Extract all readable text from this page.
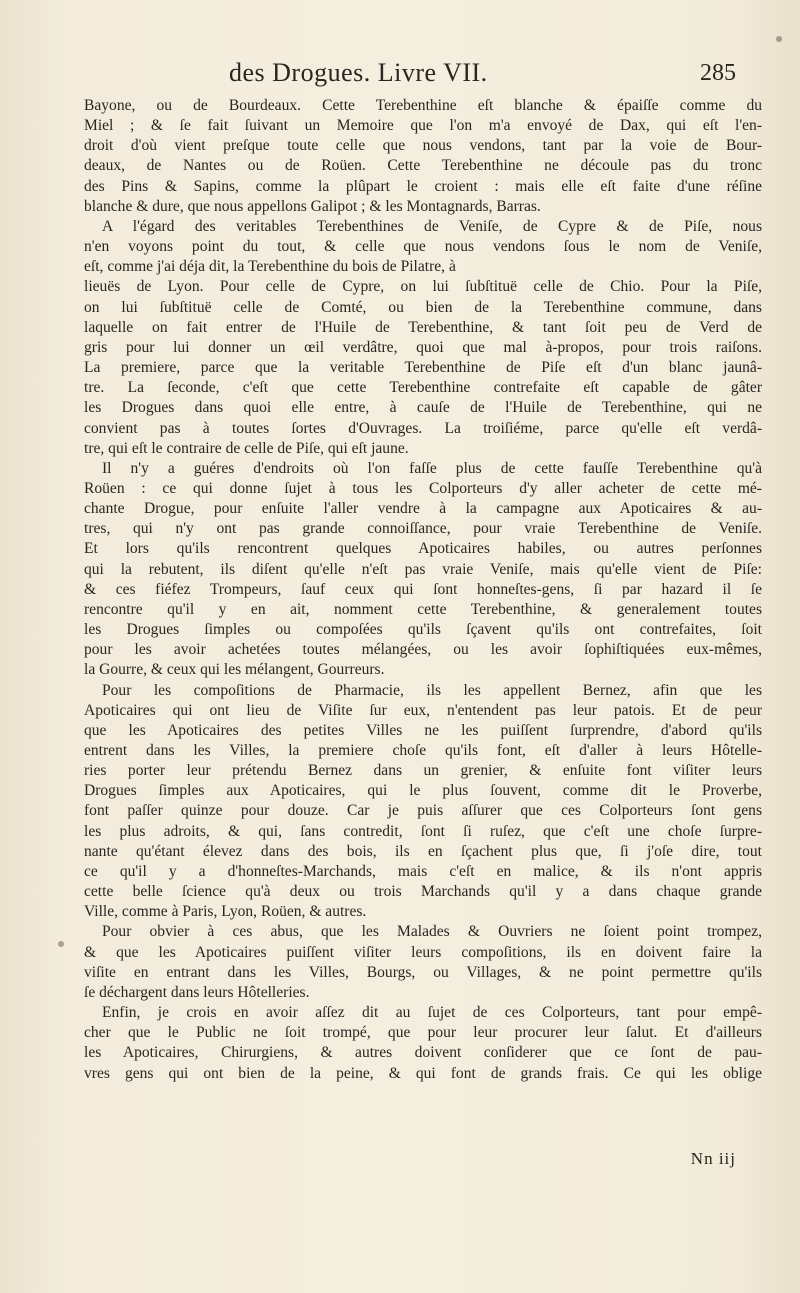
des Drogues. Livre VII.	285
Bayone, ou de Bourdeaux. Cette Terebenthine eſt blanche & épaiſſe comme du
Miel ; & ſe fait ſuivant un Memoire que l'on m'a envoyé de Dax, qui eſt l'en-
droit d'où vient preſque toute celle que nous vendons, tant par la voie de Bour-
deaux, de Nantes ou de Roüen. Cette Terebenthine ne découle pas du tronc
des Pins & Sapins, comme la plûpart le croient : mais elle eſt faite d'une réſine
blanche & dure, que nous appellons Galipot ; & les Montagnards, Barras.
A l'égard des veritables Terebenthines de Veniſe, de Cypre & de Piſe, nous
n'en voyons point du tout, & celle que nous vendons ſous le nom de Veniſe,
eſt, comme j'ai déja dit, la Terebenthine du bois de Pilatre, à
lieuës de Lyon. Pour celle de Cypre, on lui ſubſtituë celle de Chio. Pour la Piſe,
on lui ſubſtituë celle de Comté, ou bien de la Terebenthine commune, dans
laquelle on fait entrer de l'Huile de Terebenthine, & tant ſoit peu de Verd de
gris pour lui donner un œil verdâtre, quoi que mal à-propos, pour trois raiſons.
La premiere, parce que la veritable Terebenthine de Piſe eſt d'un blanc jaunâ-
tre. La ſeconde, c'eſt que cette Terebenthine contrefaite eſt capable de gâter
les Drogues dans quoi elle entre, à cauſe de l'Huile de Terebenthine, qui ne
convient pas à toutes ſortes d'Ouvrages. La troiſiéme, parce qu'elle eſt verdâ-
tre, qui eſt le contraire de celle de Piſe, qui eſt jaune.
Il n'y a guéres d'endroits où l'on faſſe plus de cette fauſſe Terebenthine qu'à
Roüen : ce qui donne ſujet à tous les Colporteurs d'y aller acheter de cette mé-
chante Drogue, pour enſuite l'aller vendre à la campagne aux Apoticaires & au-
tres, qui n'y ont pas grande connoiſſance, pour vraie Terebenthine de Veniſe.
Et lors qu'ils rencontrent quelques Apoticaires habiles, ou autres perſonnes
qui la rebutent, ils diſent qu'elle n'eſt pas vraie Veniſe, mais qu'elle vient de Piſe:
& ces fiéfez Trompeurs, ſauf ceux qui ſont honneſtes-gens, ſi par hazard il ſe
rencontre qu'il y en ait, nomment cette Terebenthine, & generalement toutes
les Drogues ſimples ou compoſées qu'ils ſçavent qu'ils ont contrefaites, ſoit
pour les avoir achetées toutes mélangées, ou les avoir ſophiſtiquées eux-mêmes,
la Gourre, & ceux qui les mélangent, Gourreurs.
Pour les compoſitions de Pharmacie, ils les appellent Bernez, afin que les
Apoticaires qui ont lieu de Viſite ſur eux, n'entendent pas leur patois. Et de peur
que les Apoticaires des petites Villes ne les puiſſent ſurprendre, d'abord qu'ils
entrent dans les Villes, la premiere choſe qu'ils font, eſt d'aller à leurs Hôtelle-
ries porter leur prétendu Bernez dans un grenier, & enſuite font viſiter leurs
Drogues ſimples aux Apoticaires, qui le plus ſouvent, comme dit le Proverbe,
font paſſer quinze pour douze. Car je puis aſſurer que ces Colporteurs ſont gens
les plus adroits, & qui, ſans contredit, ſont ſi ruſez, que c'eſt une choſe ſurpre-
nante qu'étant élevez dans des bois, ils en ſçachent plus que, ſi j'oſe dire, tout
ce qu'il y a d'honneſtes-Marchands, mais c'eſt en malice, & ils n'ont appris
cette belle ſcience qu'à deux ou trois Marchands qu'il y a dans chaque grande
Ville, comme à Paris, Lyon, Roüen, & autres.
Pour obvier à ces abus, que les Malades & Ouvriers ne ſoient point trompez,
& que les Apoticaires puiſſent viſiter leurs compoſitions, ils en doivent faire la
viſite en entrant dans les Villes, Bourgs, ou Villages, & ne point permettre qu'ils
ſe déchargent dans leurs Hôtelleries.
Enfin, je crois en avoir aſſez dit au ſujet de ces Colporteurs, tant pour empê-
cher que le Public ne ſoit trompé, que pour leur procurer leur ſalut. Et d'ailleurs
les Apoticaires, Chirurgiens, & autres doivent conſiderer que ce ſont de pau-
vres gens qui ont bien de la peine, & qui font de grands frais. Ce qui les oblige
Nn iij
